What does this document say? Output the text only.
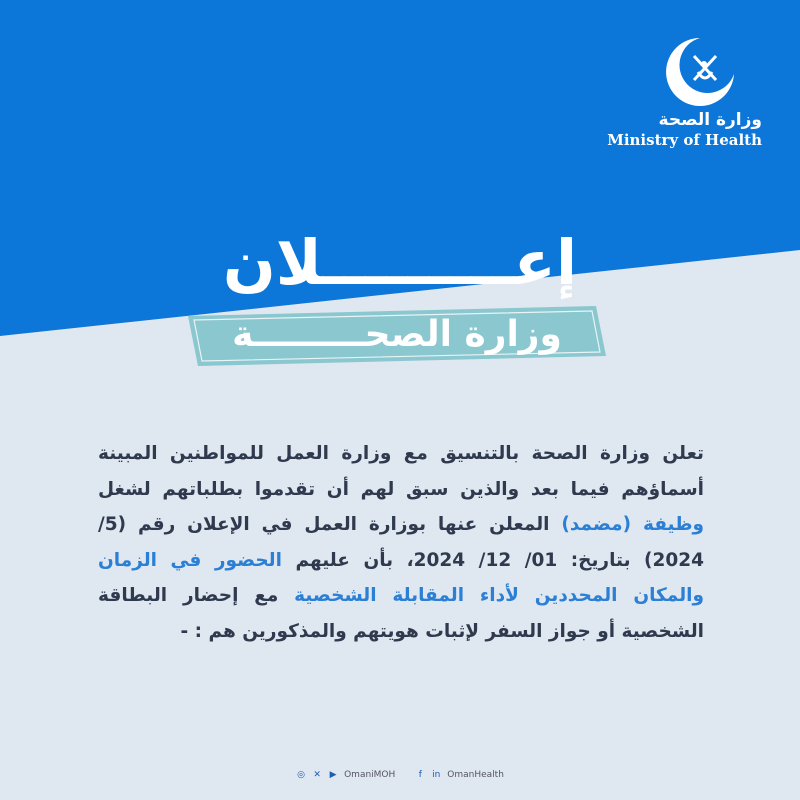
وزارة الصحة
Ministry of Health
إعـــــــــلان
وزارة الصحـــــــــة
تعلن وزارة الصحة بالتنسيق مع وزارة العمل للمواطنين المبينة أسماؤهم فيما بعد والذين سبق لهم أن تقدموا بطلباتهم لشغل وظيفة (مضمد) المعلن عنها بوزارة العمل في الإعلان رقم (5/ 2024) بتاريخ: 01/ 12/ 2024، بأن عليهم الحضور في الزمان والمكان المحددين لأداء المقابلة الشخصية مع إحضار البطاقة الشخصية أو جواز السفر لإثبات هويتهم والمذكورين هم : -
◎ ✕ ▶ OmaniMOH	f	in OmanHealth
